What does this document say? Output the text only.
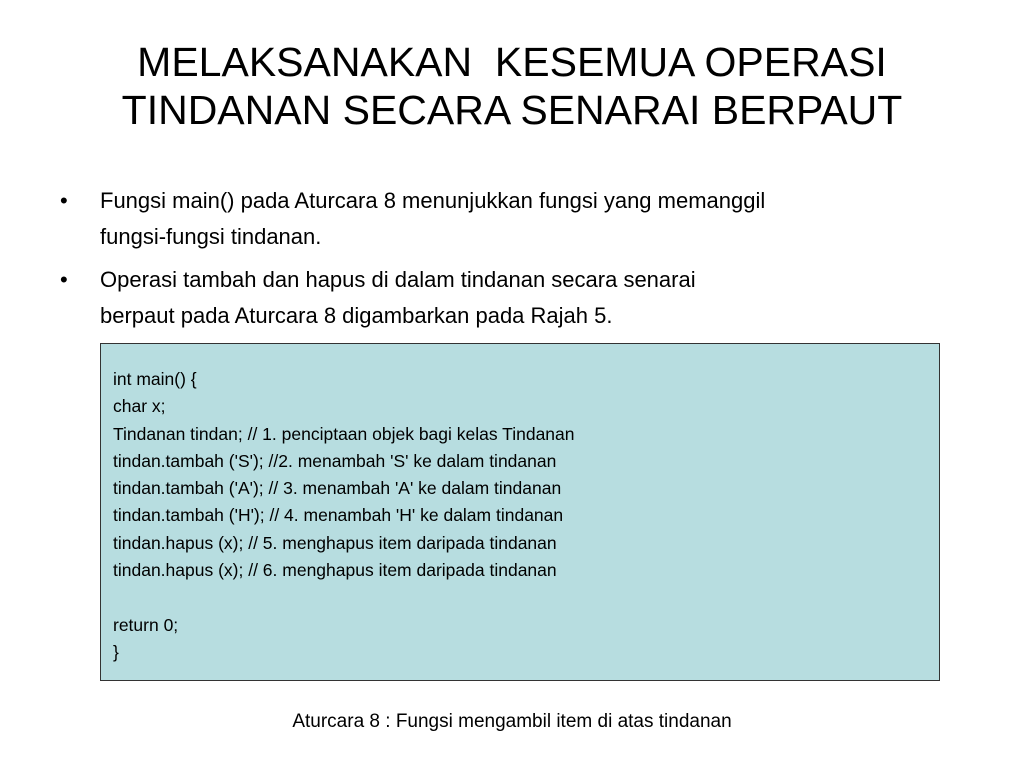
MELAKSANAKAN  KESEMUA OPERASI
TINDANAN SECARA SENARAI BERPAUT
•	Fungsi main() pada Aturcara 8 menunjukkan fungsi yang memanggil
fungsi-fungsi tindanan.
•	Operasi tambah dan hapus di dalam tindanan secara senarai
berpaut pada Aturcara 8 digambarkan pada Rajah 5.
int main() {
char x;
Tindanan tindan; // 1. penciptaan objek bagi kelas Tindanan
tindan.tambah ('S'); //2. menambah 'S' ke dalam tindanan
tindan.tambah ('A'); // 3. menambah 'A' ke dalam tindanan
tindan.tambah ('H'); // 4. menambah 'H' ke dalam tindanan
tindan.hapus (x); // 5. menghapus item daripada tindanan
tindan.hapus (x); // 6. menghapus item daripada tindanan
return 0;
}
Aturcara 8 : Fungsi mengambil item di atas tindanan
